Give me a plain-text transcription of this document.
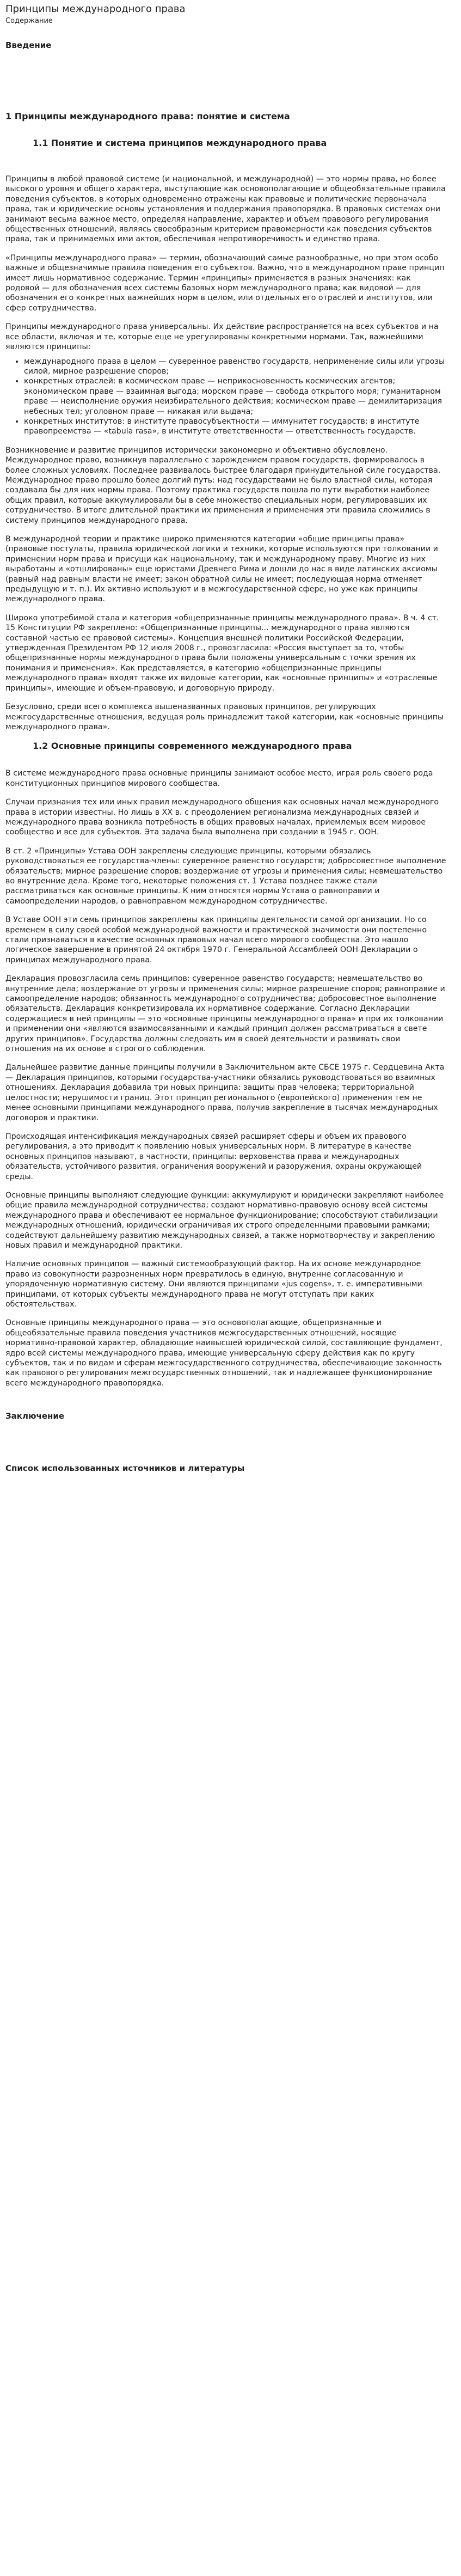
Принципы международного права
Содержание
Введение
1 Принципы международного права: понятие и система
1.1 Понятие и система принципов международного права

Принципы в любой правовой системе (и национальной, и международной) — это нормы права, но более высокого уровня и общего характера, выступающие как основополагающие и общеобязательные правила поведения субъектов, в которых одновременно отражены как правовые и политические первоначала права, так и юридические основы установления и поддержания правопорядка. В правовых системах они занимают весьма важное место, определяя направление, характер и объем правового регулирования общественных отношений, являясь своеобразным критерием правомерности как поведения субъектов права, так и принимаемых ими актов, обеспечивая непротиворечивость и единство права.

«Принципы международного права» — термин, обозначающий самые разнообразные, но при этом особо важные и общезначимые правила поведения его субъектов. Важно, что в международном праве принцип имеет лишь нормативное содержание. Термин «принципы» применяется в разных значениях: как родовой — для обозначения всех системы базовых норм международного права; как видовой — для обозначения его конкретных важнейших норм в целом, или отдельных его отраслей и институтов, или сфер сотрудничества.

Принципы международного права универсальны. Их действие распространяется на всех субъектов и на все области, включая и те, которые еще не урегулированы конкретными нормами. Так, важнейшими являются принципы:

• международного права в целом — суверенное равенство государств, неприменение силы или угрозы силой, мирное разрешение споров;
• конкретных отраслей: в космическом праве — неприкосновенность космических агентов; экономическом праве — взаимная выгода; морском праве — свобода открытого моря; гуманитарном праве — неисполнение оружия неизбирательного действия; космическом праве — демилитаризация небесных тел; уголовном праве — никакая или выдача;
• конкретных институтов: в институте правосубъектности — иммунитет государств; в институте правопреемства — «tabula rasa», в институте ответственности — ответственность государств.

Возникновение и развитие принципов исторически закономерно и объективно обусловлено. Международное право, возникнув параллельно с зарождением правом государств, формировалось в более сложных условиях. Последнее развивалось быстрее благодаря принудительной силе государства. Международное право прошло более долгий путь: над государствами не было властной силы, которая создавала бы для них нормы права. Поэтому практика государств пошла по пути выработки наиболее общих правил, которые аккумулировали бы в себе множество специальных норм, регулировавших их сотрудничество. В итоге длительной практики их применения и применения эти правила сложились в систему принципов международного права.

В международной теории и практике широко применяются категории «общие принципы права» (правовые постулаты, правила юридической логики и техники, которые используются при толковании и применении норм права и присущи как национальному, так и международному праву. Многие из них выработаны и «отшлифованы» еще юристами Древнего Рима и дошли до нас в виде латинских аксиомы (равный над равным власти не имеет; закон обратной силы не имеет; последующая норма отменяет предыдущую и т. п.). Их активно используют и в межгосударственной сфере, но уже как принципы международного права.

Широко употребимой стала и категория «общепризнанные принципы международного права». В ч. 4 ст. 15 Конституции РФ закреплено: «Общепризнанные принципы... международного права являются составной частью ее правовой системы». Концепция внешней политики Российской Федерации, утвержденная Президентом РФ 12 июля 2008 г., провозгласила: «Россия выступает за то, чтобы общепризнанные нормы международного права были положены универсальным с точки зрения их понимания и применения». Как представляется, в категорию «общепризнанные принципы международного права» входят также их видовые категории, как «основные принципы» и «отраслевые принципы», имеющие и объем-правовую, и договорную природу.

Безусловно, среди всего комплекса вышеназванных правовых принципов, регулирующих межгосударственные отношения, ведущая роль принадлежит такой категории, как «основные принципы международного права».

1.2 Основные принципы современного международного права

В системе международного права основные принципы занимают особое место, играя роль своего рода конституционных принципов мирового сообщества.

Случаи признания тех или иных правил международного общения как основных начал международного права в истории известны. Но лишь в ХХ в. с преодолением регионализма международных связей и международного права возникла потребность в общих правовых началах, приемлемых всем мировое сообщество и все для субъектов. Эта задача была выполнена при создании в 1945 г. ООН.

В ст. 2 «Принципы» Устава ООН закреплены следующие принципы, которыми обязались руководствоваться ее государства-члены: суверенное равенство государств; добросовестное выполнение обязательств; мирное разрешение споров; воздержание от угрозы и применения силы; невмешательство во внутренние дела. Кроме того, некоторые положения ст. 1 Устава позднее также стали рассматриваться как основные принципы. К ним относятся нормы Устава о равноправии и самоопределении народов, о равноправном международном сотрудничестве.

В Уставе ООН эти семь принципов закреплены как принципы деятельности самой организации. Но со временем в силу своей особой международной важности и практической значимости они постепенно стали признаваться в качестве основных правовых начал всего мирового сообщества. Это нашло логическое завершение в принятой 24 октября 1970 г. Генеральной Ассамблеей ООН Декларации о принципах международного права.

Декларация провозгласила семь принципов: суверенное равенство государств; невмешательство во внутренние дела; воздержание от угрозы и применения силы; мирное разрешение споров; равноправие и самоопределение народов; обязанность международного сотрудничества; добросовестное выполнение обязательств. Декларация конкретизировала их нормативное содержание. Согласно Декларации содержащиеся в ней принципы — это «основные принципы международного права» и при их толковании и применении они «являются взаимосвязанными и каждый принцип должен рассматриваться в свете других принципов». Государства должны следовать им в своей деятельности и развивать свои отношения на их основе в строгого соблюдения.

Дальнейшее развитие данные принципы получили в Заключительном акте СБСЕ 1975 г. Сердцевина Акта — Декларация принципов, которыми государства-участники обязались руководствоваться во взаимных отношениях. Декларация добавила три новых принципа: защиты прав человека; территориальной целостности; нерушимости границ. Этот принцип регионального (европейского) применения тем не менее основными принципами международного права, получив закрепление в тысячах международных договоров и практики.

Происходящая интенсификация международных связей расширяет сферы и объем их правового регулирования, а это приводит к появлению новых универсальных норм. В литературе в качестве основных принципов называют, в частности, принципы: верховенства права и международных обязательств, устойчивого развития, ограничения вооружений и разоружения, охраны окружающей среды.

Основные принципы выполняют следующие функции: аккумулируют и юридически закрепляют наиболее общие правила международной сотрудничества; создают нормативно-правовую основу всей системы международного права и обеспечивают ее нормальное функционирование; способствуют стабилизации международных отношений, юридически ограничивая их строго определенными правовыми рамками; содействуют дальнейшему развитию международных связей, а также нормотворчеству и закреплению новых правил и международной практики.

Наличие основных принципов — важный системообразующий фактор. На их основе международное право из совокупности разрозненных норм превратилось в единую, внутренне согласованную и упорядоченную нормативную систему. Они являются принципами «jus cogens», т. е. императивными принципами, от которых субъекты международного права не могут отступать при каких обстоятельствах.

Основные принципы международного права — это основополагающие, общепризнанные и общеобязательные правила поведения участников межгосударственных отношений, носящие нормативно-правовой характер, обладающие наивысшей юридической силой, составляющие фундамент, ядро всей системы международного права, имеющие универсальную сферу действия как по кругу субъектов, так и по видам и сферам межгосударственного сотрудничества, обеспечивающие законность как правового регулирования межгосударственных отношений, так и надлежащее функционирование всего международного правопорядка.

Заключение
Список использованных источников и литературы
